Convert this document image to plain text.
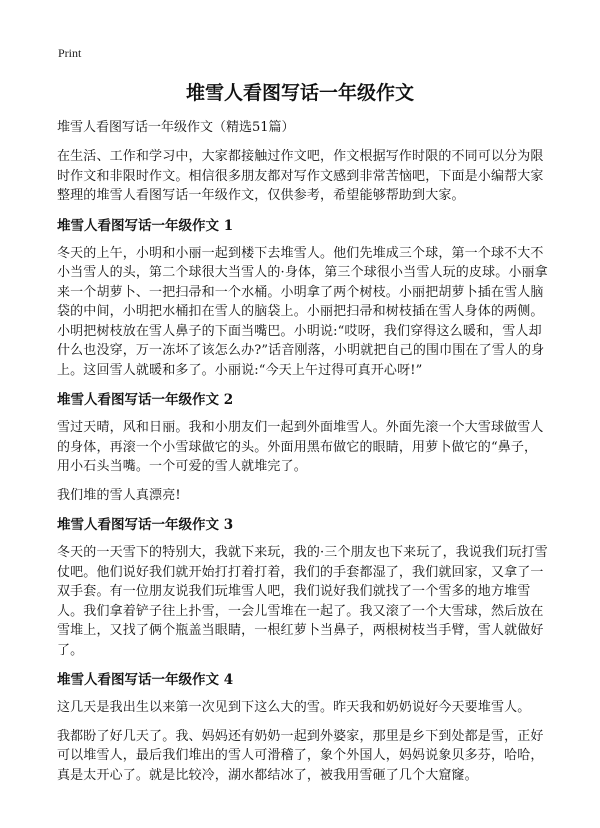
Print
堆雪人看图写话一年级作文

堆雪人看图写话一年级作文（精选51篇）

在生活、工作和学习中，大家都接触过作文吧，作文根据写作时限的不同可以分为限时作文和非限时作文。相信很多朋友都对写作文感到非常苦恼吧，下面是小编帮大家整理的堆雪人看图写话一年级作文，仅供参考，希望能够帮助到大家。

堆雪人看图写话一年级作文 1

冬天的上午，小明和小丽一起到楼下去堆雪人。他们先堆成三个球，第一个球不大不小当雪人的头，第二个球很大当雪人的·身体，第三个球很小当雪人玩的皮球。小丽拿来一个胡萝卜、一把扫帚和一个水桶。小明拿了两个树枝。小丽把胡萝卜插在雪人脑袋的中间，小明把水桶扣在雪人的脑袋上。小丽把扫帚和树枝插在雪人身体的两侧。小明把树枝放在雪人鼻子的下面当嘴巴。小明说:“哎呀，我们穿得这么暖和，雪人却什么也没穿，万一冻坏了该怎么办?”话音刚落，小明就把自己的围巾围在了雪人的身上。这回雪人就暖和多了。小丽说:“今天上午过得可真开心呀!”

堆雪人看图写话一年级作文 2

雪过天晴，风和日丽。我和小朋友们一起到外面堆雪人。外面先滚一个大雪球做雪人的身体，再滚一个小雪球做它的头。外面用黑布做它的眼睛，用萝卜做它的“鼻子，用小石头当嘴。一个可爱的雪人就堆完了。

我们堆的雪人真漂亮!

堆雪人看图写话一年级作文 3

冬天的一天雪下的特别大，我就下来玩，我的·三个朋友也下来玩了，我说我们玩打雪仗吧。他们说好我们就开始打打着打着，我们的手套都湿了，我们就回家，又拿了一双手套。有一位朋友说我们玩堆雪人吧，我们说好我们就找了一个雪多的地方堆雪人。我们拿着铲子往上扑雪，一会儿雪堆在一起了。我又滚了一个大雪球，然后放在雪堆上，又找了俩个瓶盖当眼睛，一根红萝卜当鼻子，两根树枝当手臂，雪人就做好了。

堆雪人看图写话一年级作文 4

这几天是我出生以来第一次见到下这么大的雪。昨天我和奶奶说好今天要堆雪人。

我都盼了好几天了。我、妈妈还有奶奶一起到外婆家，那里是乡下到处都是雪，正好可以堆雪人，最后我们堆出的雪人可滑稽了，象个外国人，妈妈说象贝多芬，哈哈，真是太开心了。就是比较冷，湖水都结冰了，被我用雪砸了几个大窟窿。
